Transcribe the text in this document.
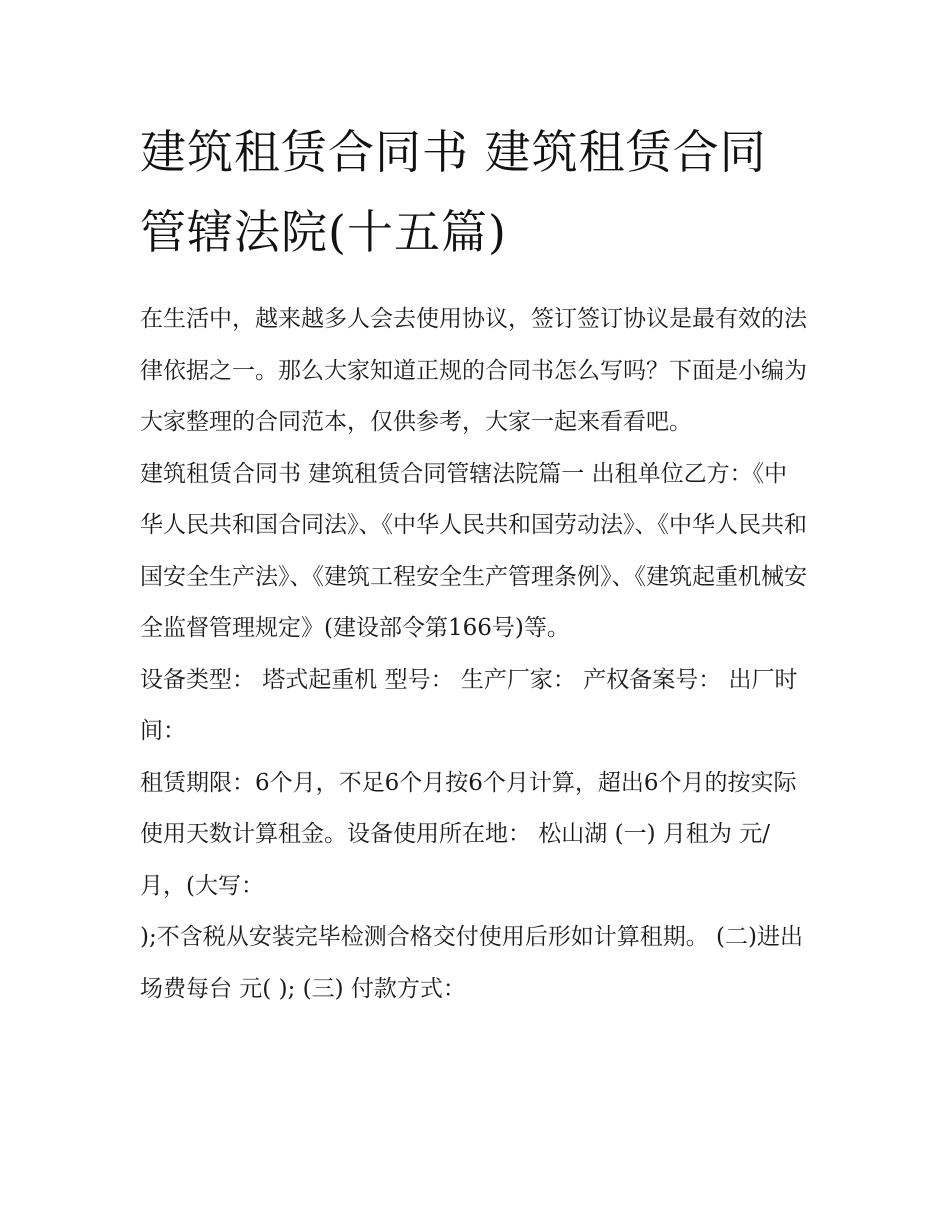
建筑租赁合同书 建筑租赁合同管辖法院(十五篇)

在生活中，越来越多人会去使用协议，签订签订协议是最有效的法律依据之一。那么大家知道正规的合同书怎么写吗？下面是小编为大家整理的合同范本，仅供参考，大家一起来看看吧。

建筑租赁合同书 建筑租赁合同管辖法院篇一 出租单位乙方：《中华人民共和国合同法》、《中华人民共和国劳动法》、《中华人民共和国安全生产法》、《建筑工程安全生产管理条例》、《建筑起重机械安全监督管理规定》(建设部令第166号)等。

设备类型： 塔式起重机 型号： 生产厂家： 产权备案号： 出厂时间：

租赁期限：6个月，不足6个月按6个月计算，超出6个月的按实际使用天数计算租金。设备使用所在地： 松山湖 (一) 月租为 元/月，(大写：

);不含税从安装完毕检测合格交付使用后形如计算租期。 (二)进出场费每台 元( ); (三) 付款方式：
